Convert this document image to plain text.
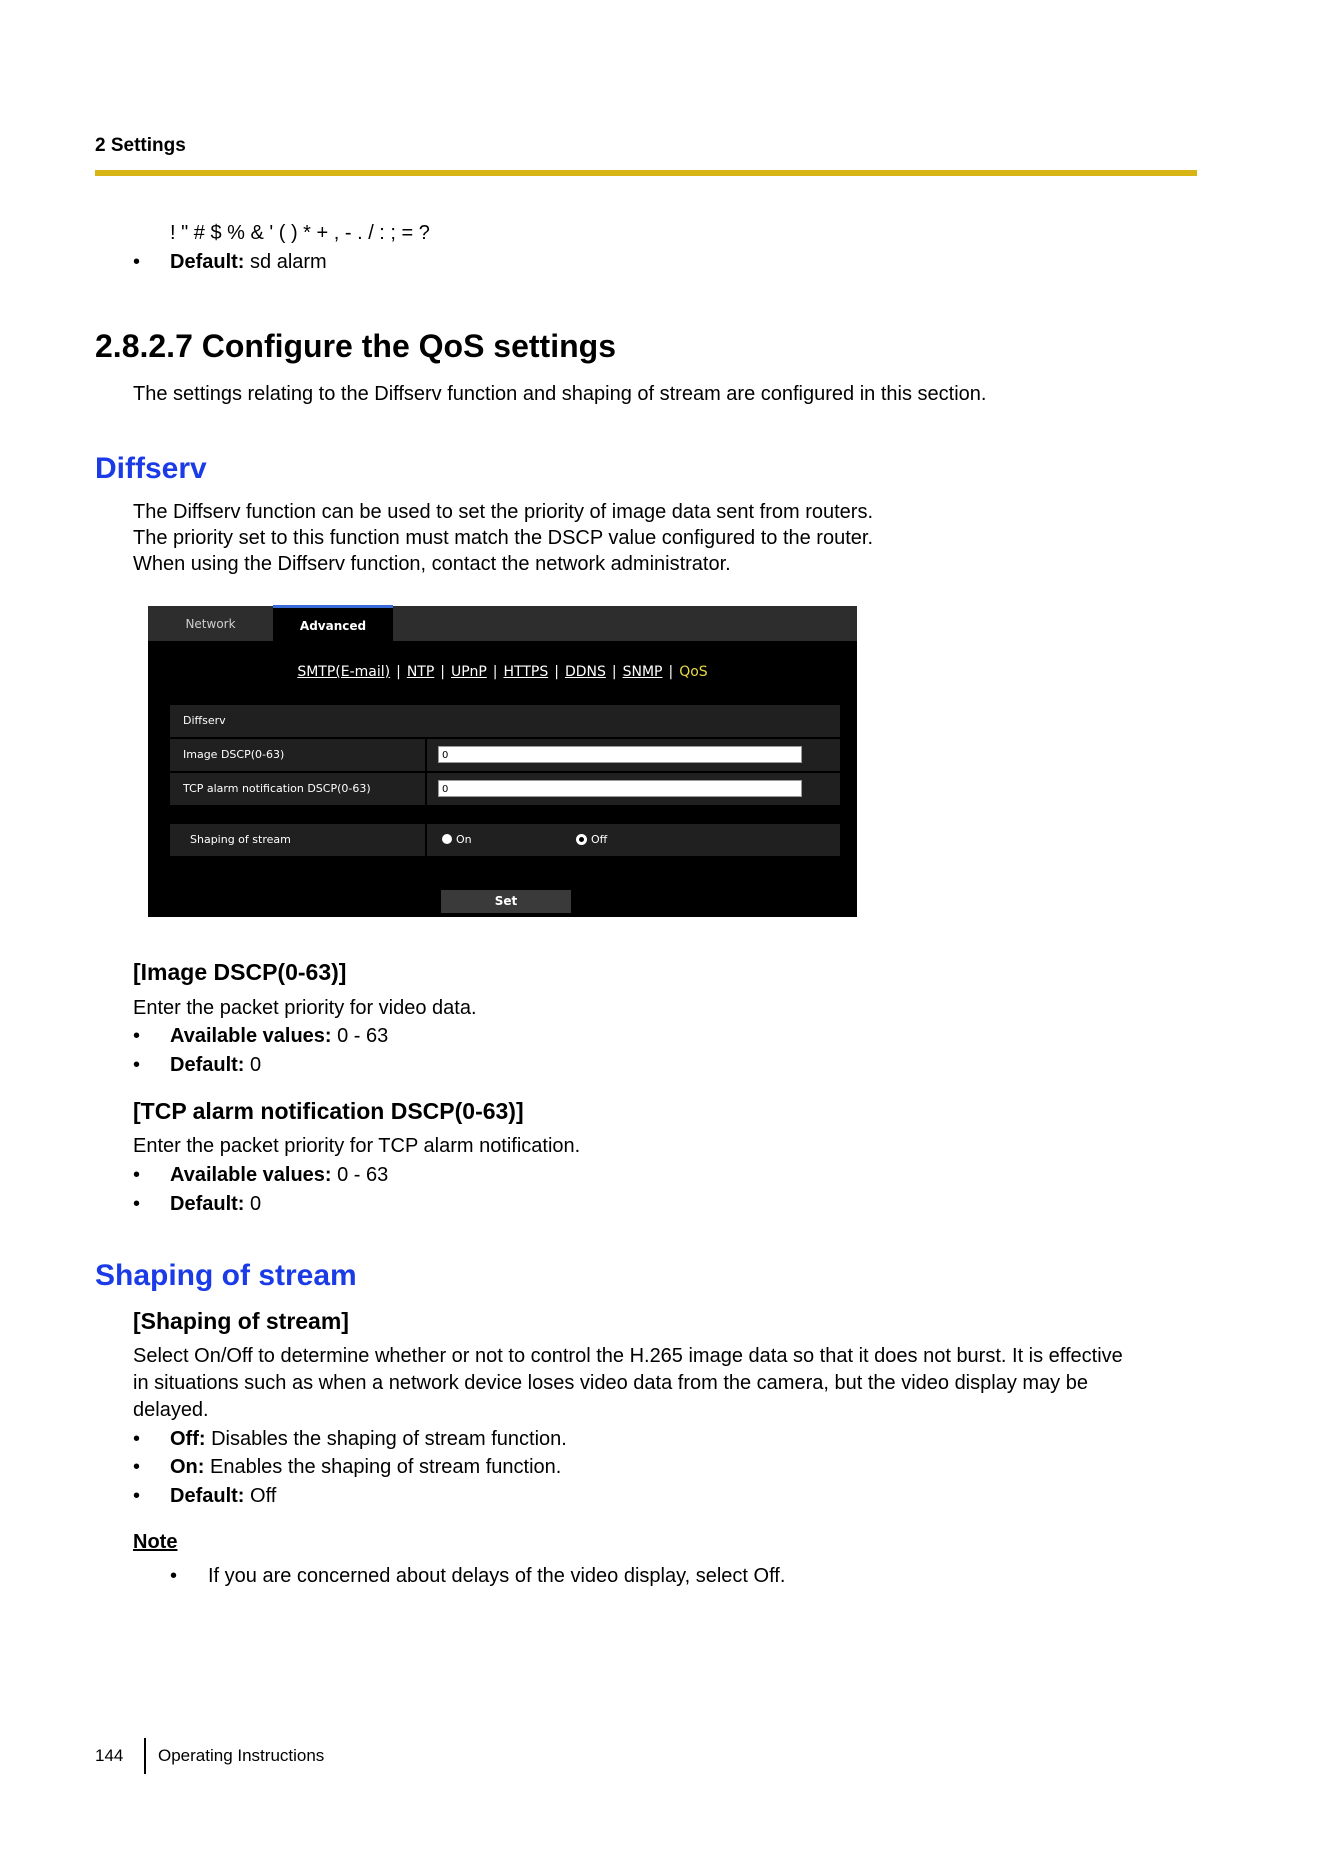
2 Settings
! " # $ % & ' ( ) * + , - . / : ; = ?
• Default: sd alarm
2.8.2.7 Configure the QoS settings
The settings relating to the Diffserv function and shaping of stream are configured in this section.
Diffserv
The Diffserv function can be used to set the priority of image data sent from routers.
The priority set to this function must match the DSCP value configured to the router.
When using the Diffserv function, contact the network administrator.
Network	Advanced
SMTP(E-mail) | NTP | UPnP | HTTPS | DDNS | SNMP | QoS
Diffserv
Image DSCP(0-63)	0
TCP alarm notification DSCP(0-63)	0
Shaping of stream	On	Off
Set
[Image DSCP(0-63)]
Enter the packet priority for video data.
• Available values: 0 - 63
• Default: 0
[TCP alarm notification DSCP(0-63)]
Enter the packet priority for TCP alarm notification.
• Available values: 0 - 63
• Default: 0
Shaping of stream
[Shaping of stream]
Select On/Off to determine whether or not to control the H.265 image data so that it does not burst. It is effective
in situations such as when a network device loses video data from the camera, but the video display may be
delayed.
• Off: Disables the shaping of stream function.
• On: Enables the shaping of stream function.
• Default: Off
Note
• If you are concerned about delays of the video display, select Off.
144 Operating Instructions
